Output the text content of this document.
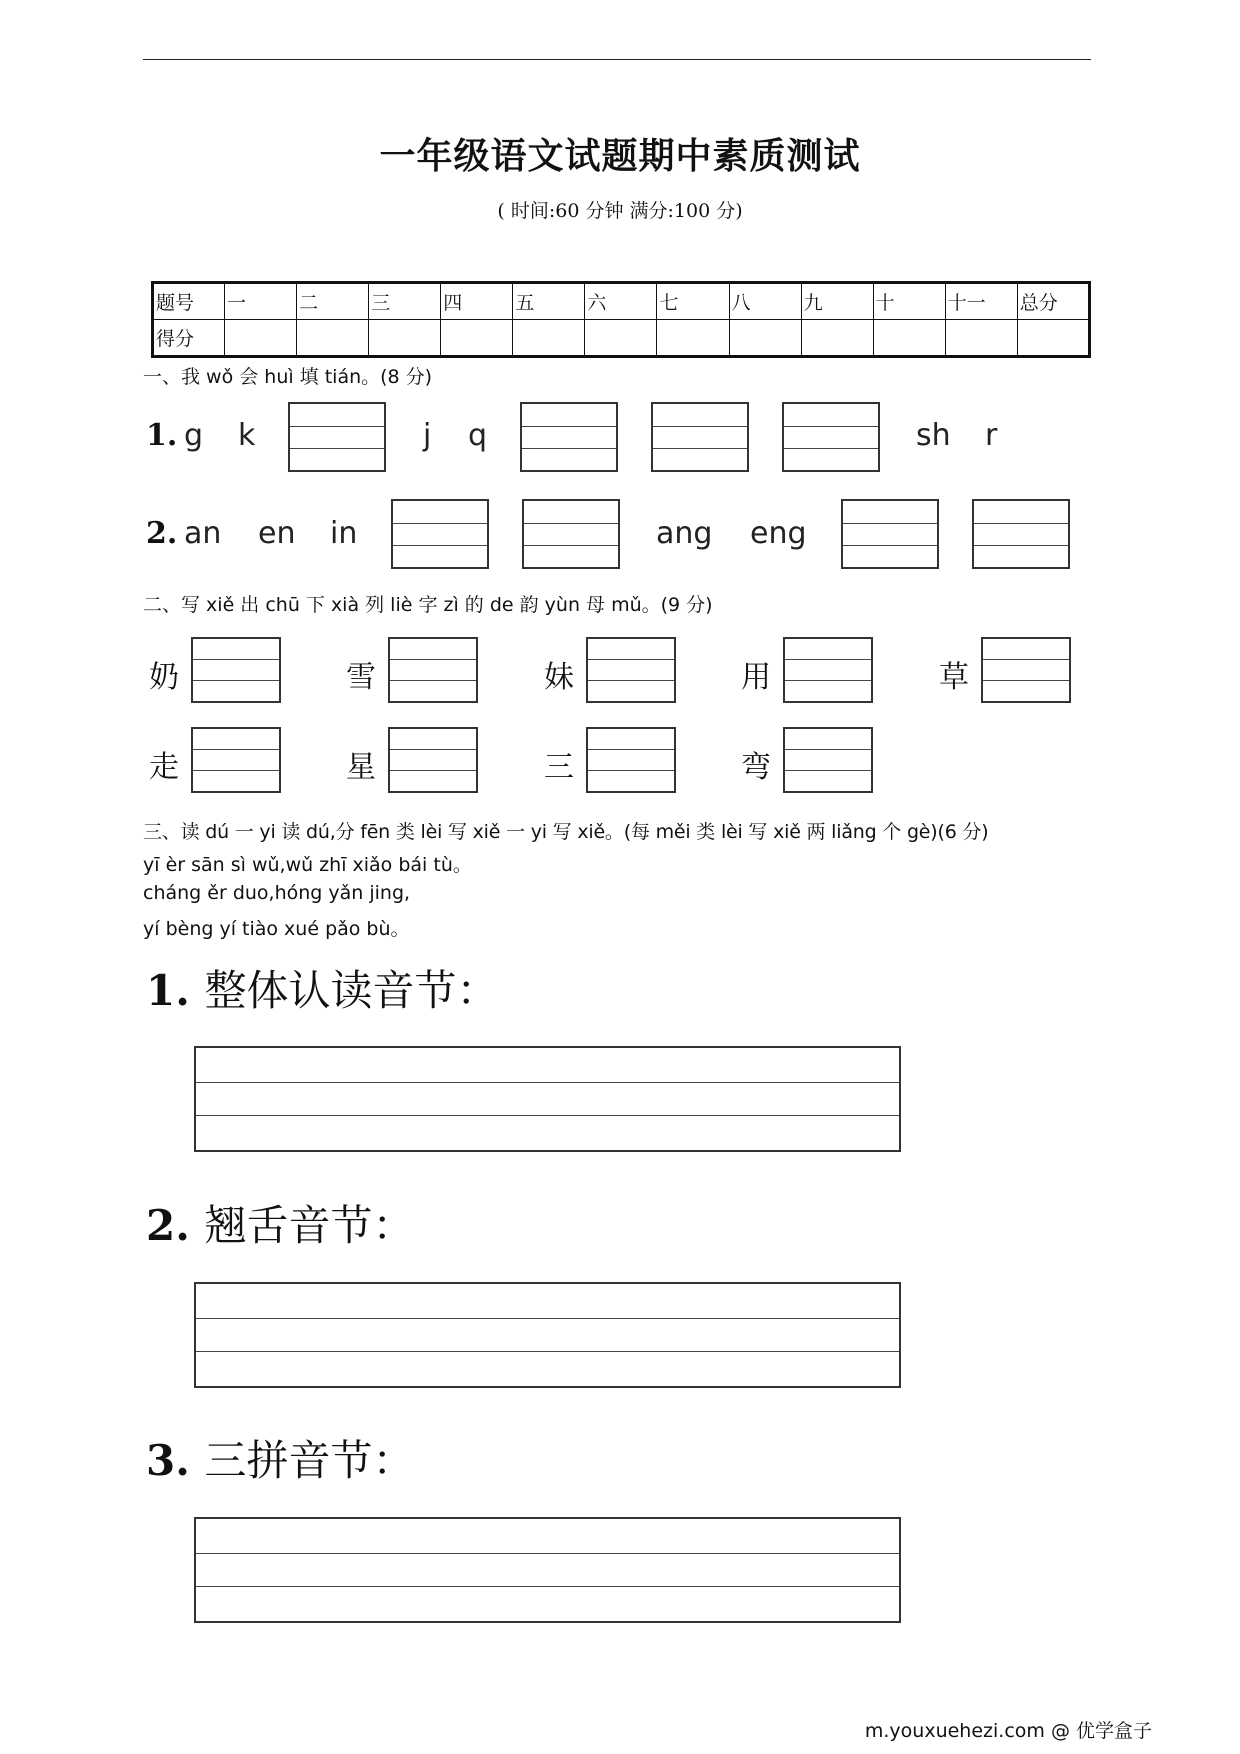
一年级语文试题期中素质测试
( 时间:60 分钟 满分:100 分)
题号	一	二	三	四	五	六	七	八	九	十	十一	总分
得分												
一、我 wǒ 会 huì 填 tián。(8 分)
1. g k	j q	sh r
2. an en in	ang eng
二、写 xiě 出 chū 下 xià 列 liè 字 zì 的 de 韵 yùn 母 mǔ。(9 分)
奶	雪	妹	用	草
走	星	三	弯
三、读 dú 一 yi 读 dú,分 fēn 类 lèi 写 xiě 一 yi 写 xiě。(每 měi 类 lèi 写 xiě 两 liǎng 个 gè)(6 分)
yī èr sān sì wǔ,wǔ zhī xiǎo bái tù。
cháng ěr duo,hóng yǎn jing,
yí bèng yí tiào xué pǎo bù。
1. 整体认读音节：
2. 翘舌音节：
3. 三拼音节：
m.youxuehezi.com @ 优学盒子
